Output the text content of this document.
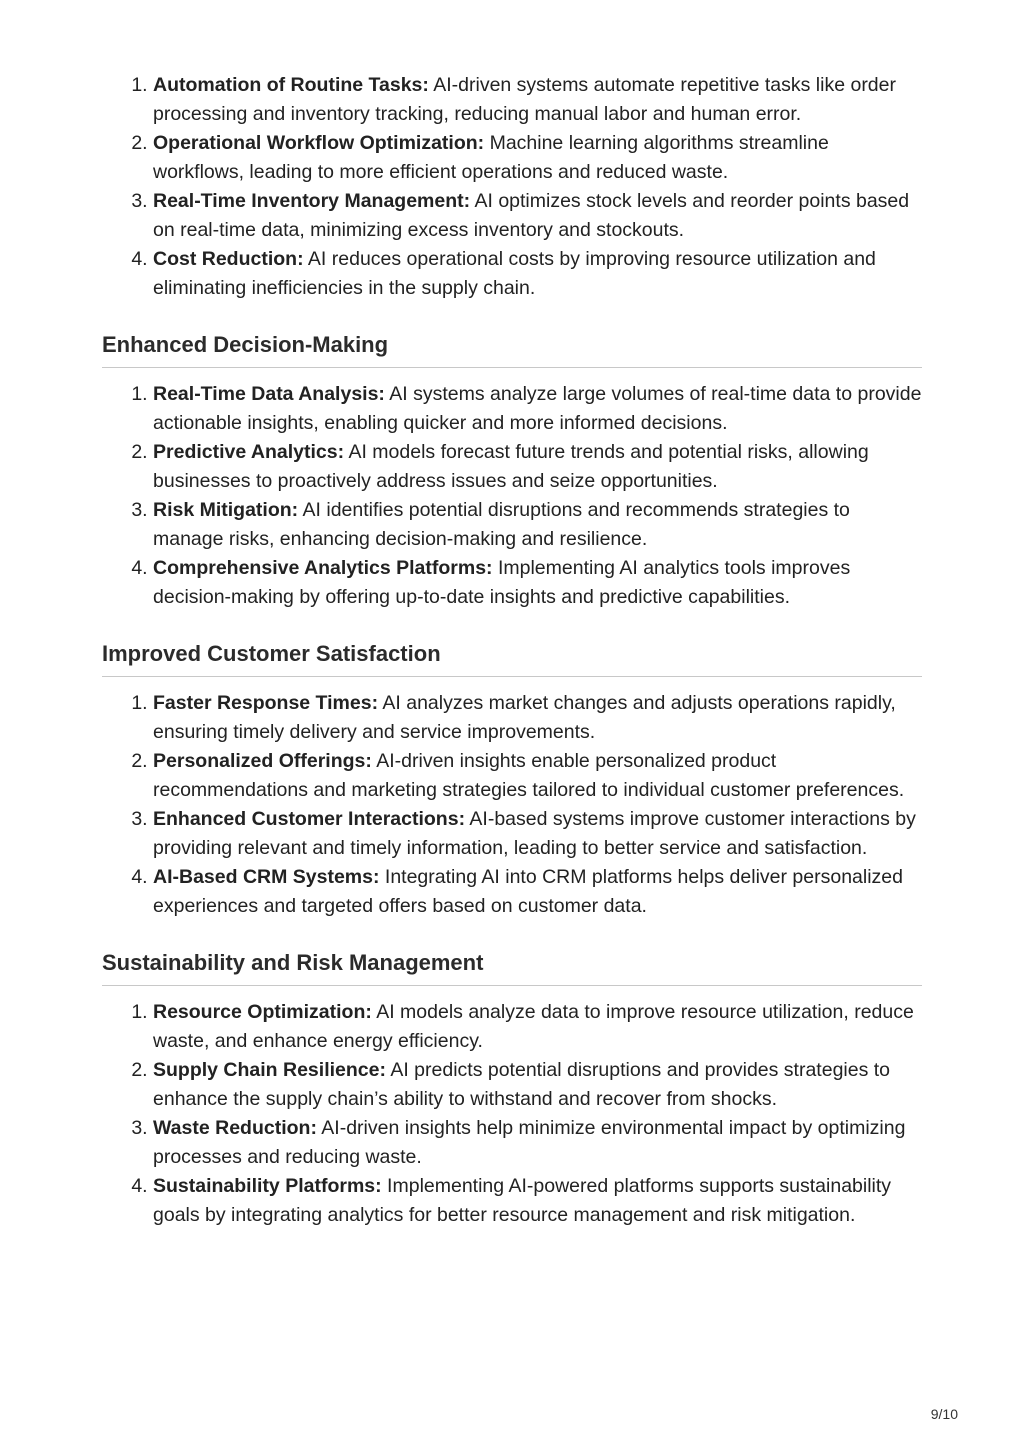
1. Automation of Routine Tasks: AI-driven systems automate repetitive tasks like order processing and inventory tracking, reducing manual labor and human error.
2. Operational Workflow Optimization: Machine learning algorithms streamline workflows, leading to more efficient operations and reduced waste.
3. Real-Time Inventory Management: AI optimizes stock levels and reorder points based on real-time data, minimizing excess inventory and stockouts.
4. Cost Reduction: AI reduces operational costs by improving resource utilization and eliminating inefficiencies in the supply chain.
Enhanced Decision-Making
1. Real-Time Data Analysis: AI systems analyze large volumes of real-time data to provide actionable insights, enabling quicker and more informed decisions.
2. Predictive Analytics: AI models forecast future trends and potential risks, allowing businesses to proactively address issues and seize opportunities.
3. Risk Mitigation: AI identifies potential disruptions and recommends strategies to manage risks, enhancing decision-making and resilience.
4. Comprehensive Analytics Platforms: Implementing AI analytics tools improves decision-making by offering up-to-date insights and predictive capabilities.
Improved Customer Satisfaction
1. Faster Response Times: AI analyzes market changes and adjusts operations rapidly, ensuring timely delivery and service improvements.
2. Personalized Offerings: AI-driven insights enable personalized product recommendations and marketing strategies tailored to individual customer preferences.
3. Enhanced Customer Interactions: AI-based systems improve customer interactions by providing relevant and timely information, leading to better service and satisfaction.
4. AI-Based CRM Systems: Integrating AI into CRM platforms helps deliver personalized experiences and targeted offers based on customer data.
Sustainability and Risk Management
1. Resource Optimization: AI models analyze data to improve resource utilization, reduce waste, and enhance energy efficiency.
2. Supply Chain Resilience: AI predicts potential disruptions and provides strategies to enhance the supply chain’s ability to withstand and recover from shocks.
3. Waste Reduction: AI-driven insights help minimize environmental impact by optimizing processes and reducing waste.
4. Sustainability Platforms: Implementing AI-powered platforms supports sustainability goals by integrating analytics for better resource management and risk mitigation.
9/10
